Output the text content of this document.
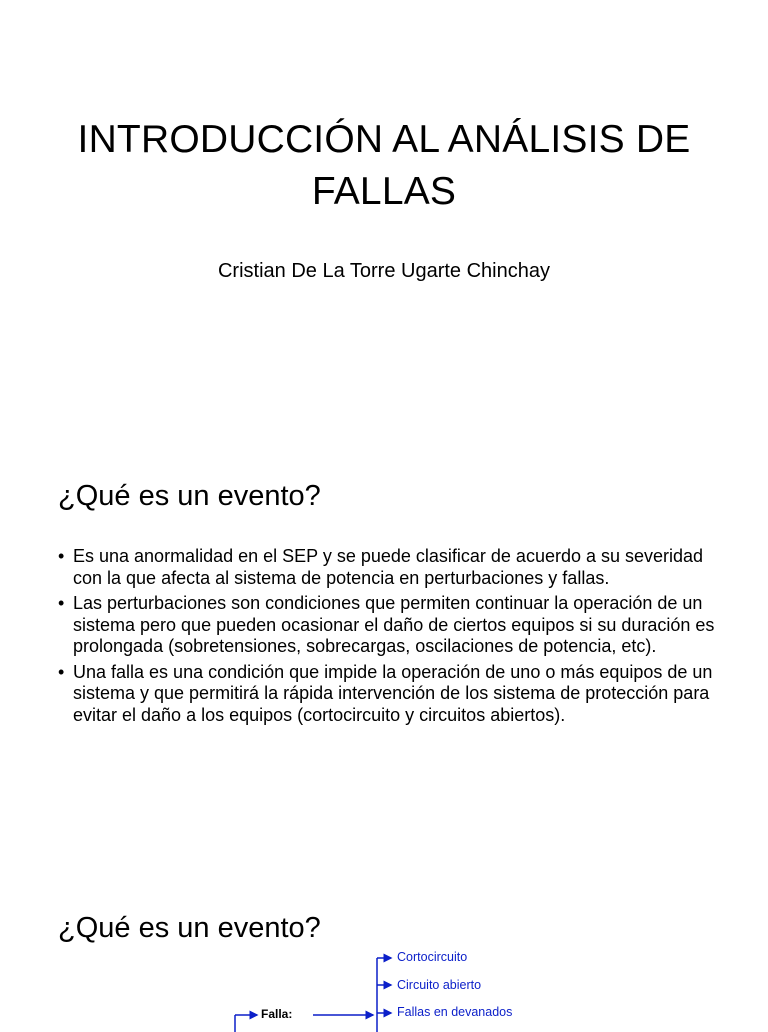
INTRODUCCIÓN AL ANÁLISIS DE
FALLAS

Cristian De La Torre Ugarte Chinchay

¿Qué es un evento?
• Es una anormalidad en el SEP y se puede clasificar de acuerdo a su severidad con la que afecta al sistema de potencia en perturbaciones y fallas.
• Las perturbaciones son condiciones que permiten continuar la operación de un sistema pero que pueden ocasionar el daño de ciertos equipos si su duración es prolongada (sobretensiones, sobrecargas, oscilaciones de potencia, etc).
• Una falla es una condición que impide la operación de uno o más equipos de un sistema y que permitirá la rápida intervención de los sistema de protección para evitar el daño a los equipos (cortocircuito y circuitos abiertos).
¿Qué es un evento?
Falla:
Cortocircuito
Circuito abierto
Fallas en devanados
